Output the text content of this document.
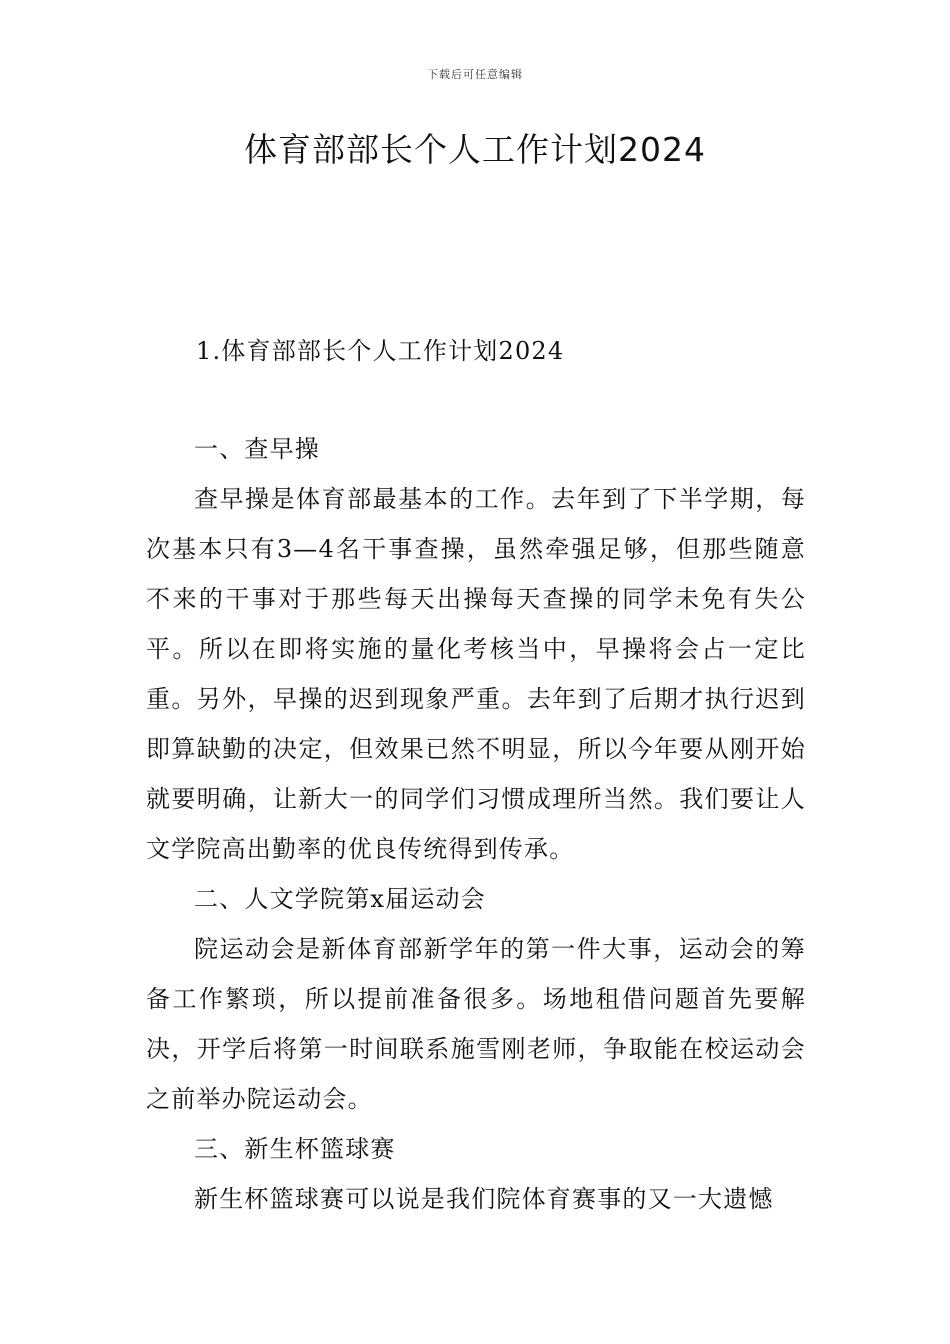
下载后可任意编辑
体育部部长个人工作计划2024
1.体育部部长个人工作计划2024

一、查早操

查早操是体育部最基本的工作。去年到了下半学期，每次基本只有3—4名干事查操，虽然牵强足够，但那些随意不来的干事对于那些每天出操每天查操的同学未免有失公平。所以在即将实施的量化考核当中，早操将会占一定比重。另外，早操的迟到现象严重。去年到了后期才执行迟到即算缺勤的决定，但效果已然不明显，所以今年要从刚开始就要明确，让新大一的同学们习惯成理所当然。我们要让人文学院高出勤率的优良传统得到传承。

二、人文学院第x届运动会

院运动会是新体育部新学年的第一件大事，运动会的筹备工作繁琐，所以提前准备很多。场地租借问题首先要解决，开学后将第一时间联系施雪刚老师，争取能在校运动会之前举办院运动会。

三、新生杯篮球赛

新生杯篮球赛可以说是我们院体育赛事的又一大遗憾
